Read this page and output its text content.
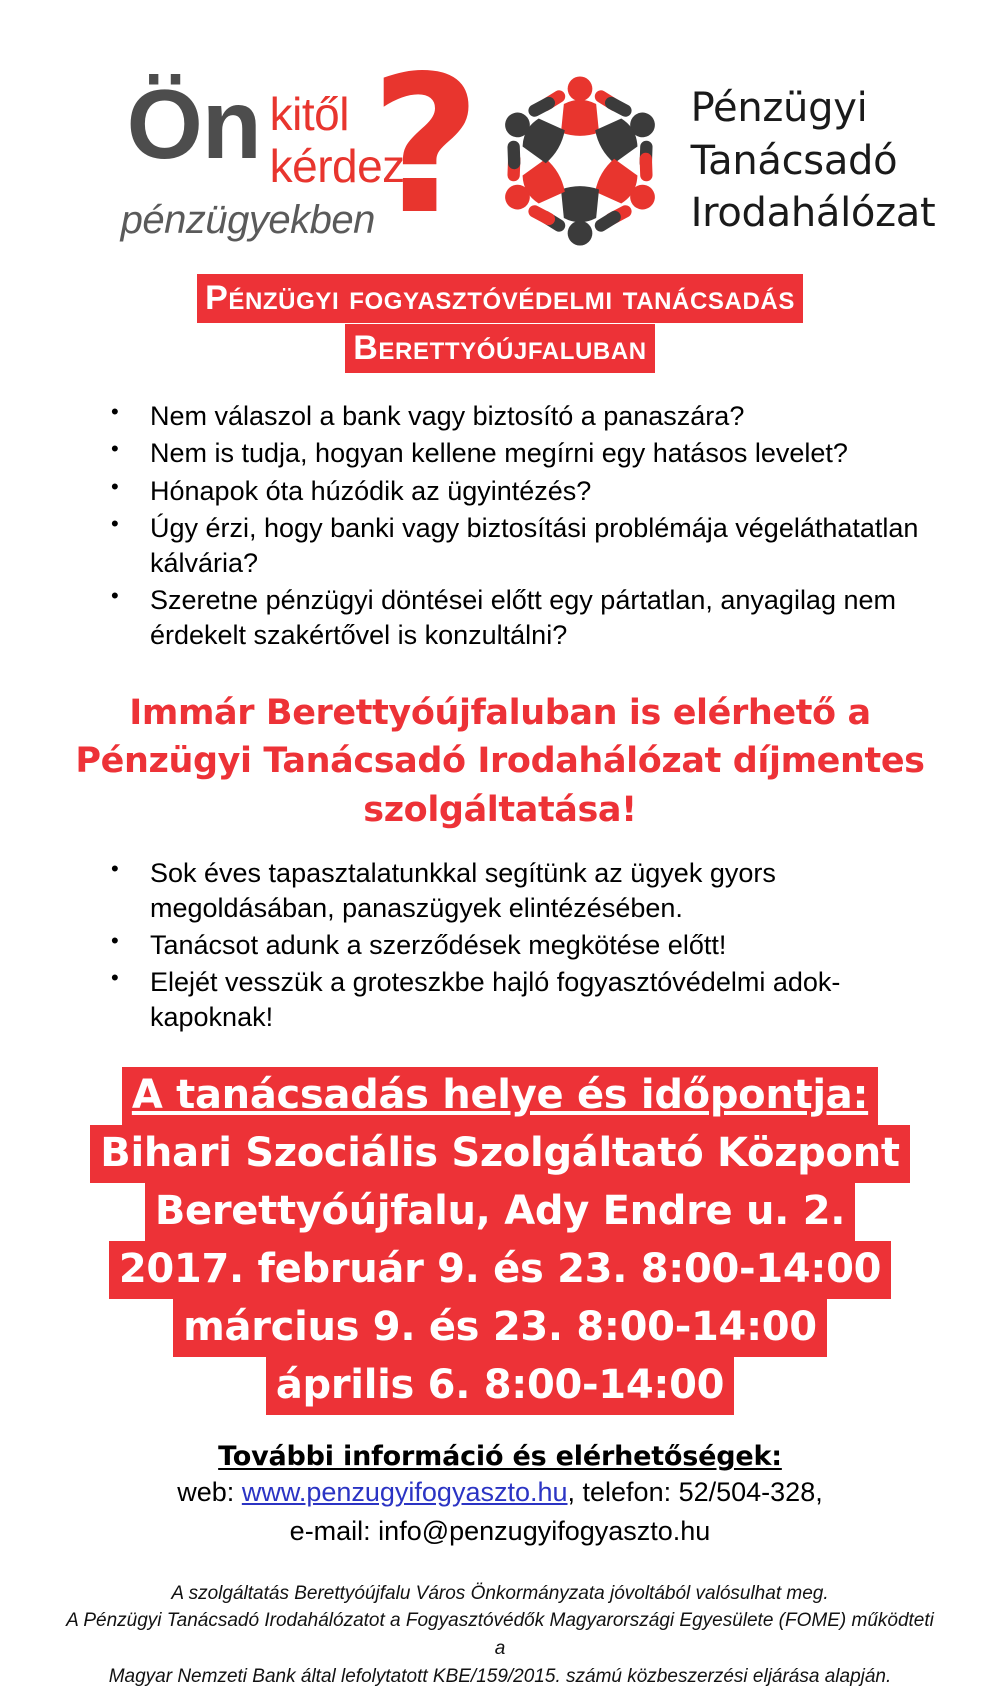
Ön kitől
kérdez
pénzügyekben
?	Pénzügyi
Tanácsadó
Irodahálózat
Pénzügyi fogyasztóvédelmi tanácsadás
Berettyóújfaluban
• Nem válaszol a bank vagy biztosító a panaszára?
• Nem is tudja, hogyan kellene megírni egy hatásos levelet?
• Hónapok óta húzódik az ügyintézés?
• Úgy érzi, hogy banki vagy biztosítási problémája végeláthatatlan kálvária?
• Szeretne pénzügyi döntései előtt egy pártatlan, anyagilag nem érdekelt szakértővel is konzultálni?
Immár Berettyóújfaluban is elérhető a Pénzügyi Tanácsadó Irodahálózat díjmentes szolgáltatása!
• Sok éves tapasztalatunkkal segítünk az ügyek gyors megoldásában, panaszügyek elintézésében.
• Tanácsot adunk a szerződések megkötése előtt!
• Elejét vesszük a groteszkbe hajló fogyasztóvédelmi adok-kapoknak!
A tanácsadás helye és időpontja:
Bihari Szociális Szolgáltató Központ
Berettyóújfalu, Ady Endre u. 2.
2017. február 9. és 23. 8:00-14:00
március 9. és 23. 8:00-14:00
április 6. 8:00-14:00
További információ és elérhetőségek:
web: www.penzugyifogyaszto.hu, telefon: 52/504-328,
e-mail: info@penzugyifogyaszto.hu
A szolgáltatás Berettyóújfalu Város Önkormányzata jóvoltából valósulhat meg.
A Pénzügyi Tanácsadó Irodahálózatot a Fogyasztóvédők Magyarországi Egyesülete (FOME) működteti a
Magyar Nemzeti Bank által lefolytatott KBE/159/2015. számú közbeszerzési eljárása alapján.
